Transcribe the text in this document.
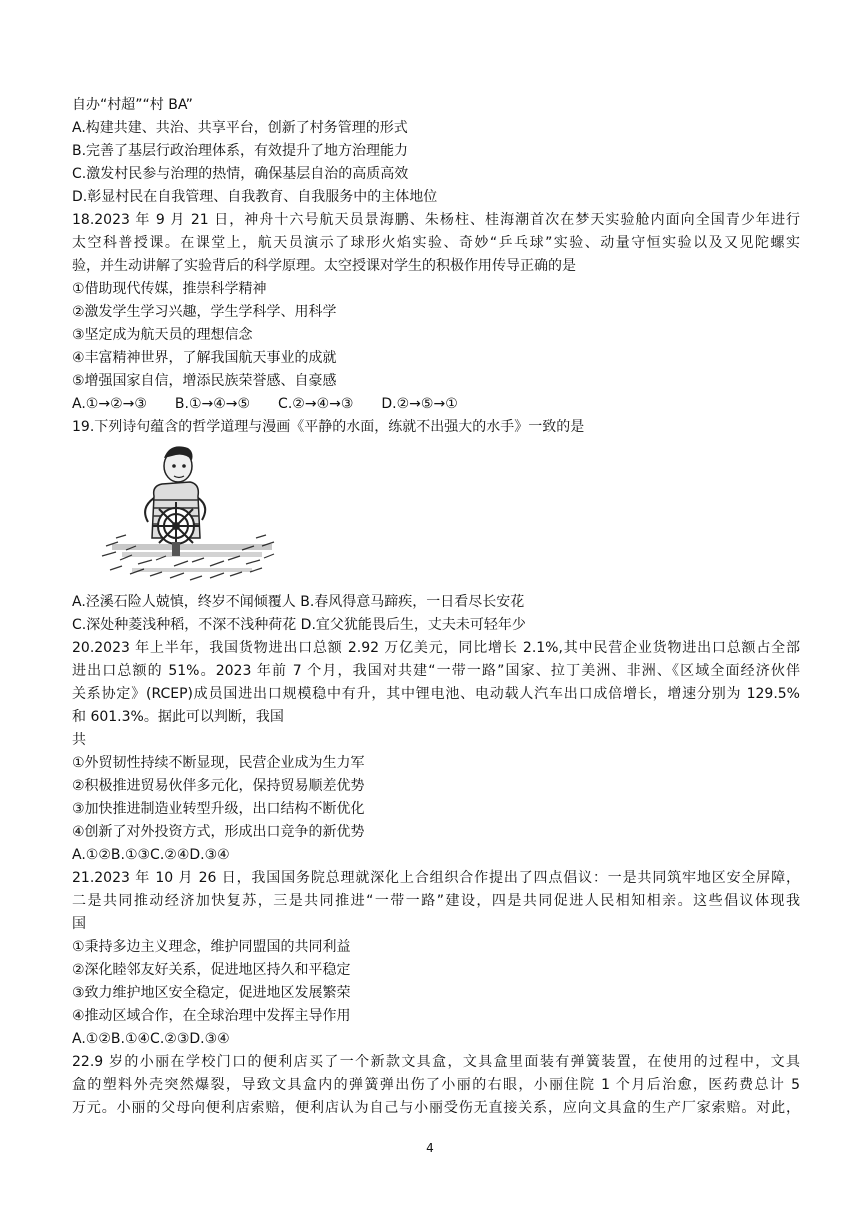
自办“村超”“村 BA”
A.构建共建、共治、共享平台，创新了村务管理的形式
B.完善了基层行政治理体系，有效提升了地方治理能力
C.激发村民参与治理的热情，确保基层自治的高质高效
D.彰显村民在自我管理、自我教育、自我服务中的主体地位
18.2023 年 9 月 21 日，神舟十六号航天员景海鹏、朱杨柱、桂海潮首次在梦天实验舱内面向全国青少年进行
太空科普授课。在课堂上，航天员演示了球形火焰实验、奇妙“乒乓球”实验、动量守恒实验以及又见陀螺实
验，并生动讲解了实验背后的科学原理。太空授课对学生的积极作用传导正确的是
①借助现代传媒，推崇科学精神
②激发学生学习兴趣，学生学科学、用科学
③坚定成为航天员的理想信念
④丰富精神世界，了解我国航天事业的成就
⑤增强国家自信，增添民族荣誉感、自豪感
A.①→②→③　　B.①→④→⑤　　C.②→④→③　　D.②→⑤→①
19.下列诗句蕴含的哲学道理与漫画《平静的水面，练就不出强大的水手》一致的是
A.泾溪石险人兢慎，终岁不闻倾覆人 B.春风得意马蹄疾，一日看尽长安花
C.深处种菱浅种稻，不深不浅种荷花 D.宜父犹能畏后生，丈夫未可轻年少
20.2023 年上半年，我国货物进出口总额 2.92 万亿美元，同比增长 2.1%,其中民营企业货物进出口总额占全部
进出口总额的 51%。2023 年前 7 个月，我国对共建“一带一路”国家、拉丁美洲、非洲、《区域全面经济伙伴
关系协定》(RCEP)成员国进出口规模稳中有升，其中锂电池、电动载人汽车出口成倍增长，增速分别为 129.5%
和 601.3%。据此可以判断，我国
共
①外贸韧性持续不断显现，民营企业成为生力军
②积极推进贸易伙伴多元化，保持贸易顺差优势
③加快推进制造业转型升级，出口结构不断优化
④创新了对外投资方式，形成出口竞争的新优势
A.①②B.①③C.②④D.③④
21.2023 年 10 月 26 日，我国国务院总理就深化上合组织合作提出了四点倡议：一是共同筑牢地区安全屏障，
二是共同推动经济加快复苏，三是共同推进“一带一路”建设，四是共同促进人民相知相亲。这些倡议体现我
国
①秉持多边主义理念，维护同盟国的共同利益
②深化睦邻友好关系，促进地区持久和平稳定
③致力维护地区安全稳定，促进地区发展繁荣
④推动区域合作，在全球治理中发挥主导作用
A.①②B.①④C.②③D.③④
22.9 岁的小丽在学校门口的便利店买了一个新款文具盒，文具盒里面装有弹簧装置，在使用的过程中，文具
盒的塑料外壳突然爆裂，导致文具盒内的弹簧弹出伤了小丽的右眼，小丽住院 1 个月后治愈，医药费总计 5
万元。小丽的父母向便利店索赔，便利店认为自己与小丽受伤无直接关系，应向文具盒的生产厂家索赔。对此，
4
